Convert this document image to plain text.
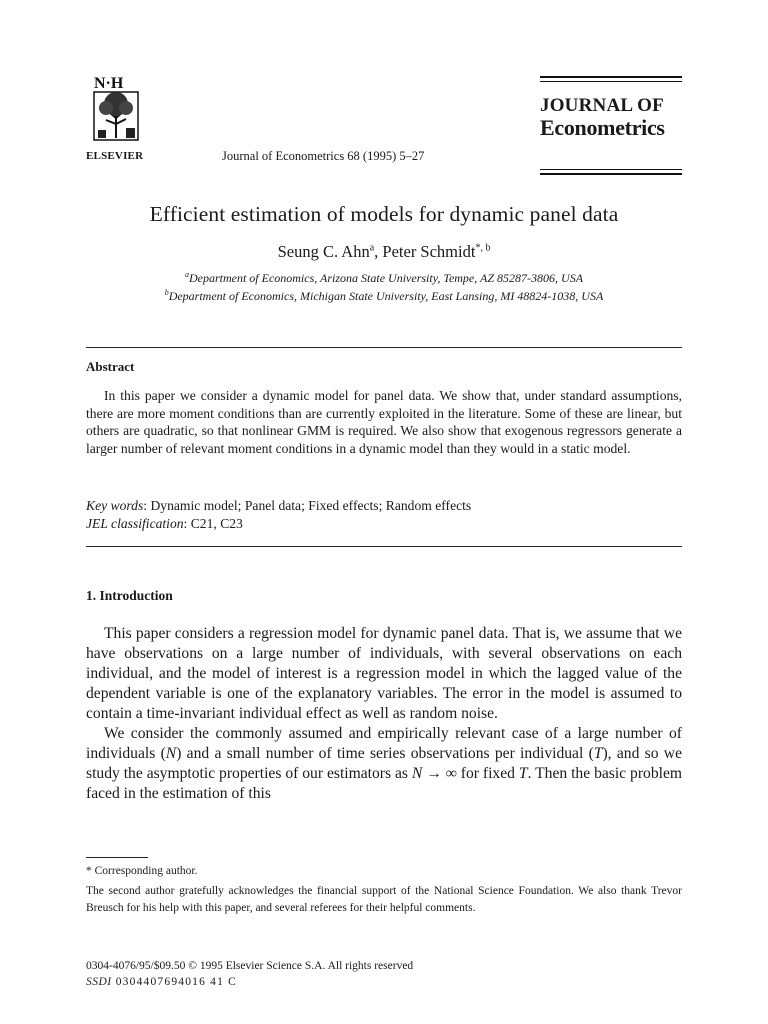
N·H
ELSEVIER	Journal of Econometrics 68 (1995) 5–27
JOURNAL OF
Econometrics
Efficient estimation of models for dynamic panel data
Seung C. Ahn$^a$, Peter Schmidt$^{*, b}$
$^a$Department of Economics, Arizona State University, Tempe, AZ 85287-3806, USA
$^b$Department of Economics, Michigan State University, East Lansing, MI 48824-1038, USA
Abstract

In this paper we consider a dynamic model for panel data. We show that, under standard assumptions, there are more moment conditions than are currently exploited in the literature. Some of these are linear, but others are quadratic, so that nonlinear GMM is required. We also show that exogenous regressors generate a larger number of relevant moment conditions in a dynamic model than they would in a static model.

Key words: Dynamic model; Panel data; Fixed effects; Random effects
JEL classification: C21, C23
1. Introduction

This paper considers a regression model for dynamic panel data. That is, we assume that we have observations on a large number of individuals, with several observations on each individual, and the model of interest is a regression model in which the lagged value of the dependent variable is one of the explanatory variables. The error in the model is assumed to contain a time-invariant individual effect as well as random noise.

We consider the commonly assumed and empirically relevant case of a large number of individuals (N) and a small number of time series observations per individual (T), and so we study the asymptotic properties of our estimators as N → ∞ for fixed T. Then the basic problem faced in the estimation of this

* Corresponding author.
The second author gratefully acknowledges the financial support of the National Science Foundation. We also thank Trevor Breusch for his help with this paper, and several referees for their helpful comments.
0304-4076/95/$09.50 © 1995 Elsevier Science S.A. All rights reserved
SSDI 0304407694016 41 C
